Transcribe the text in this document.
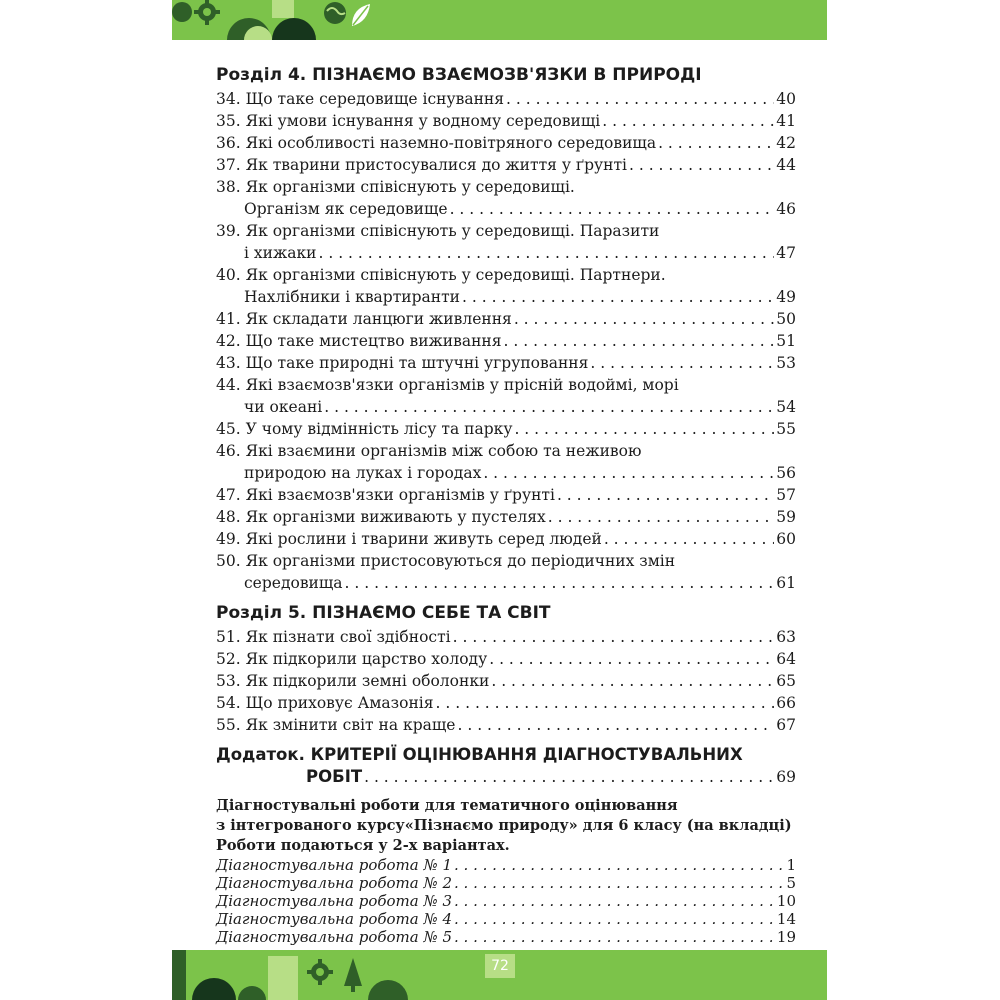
Розділ 4. ПІЗНАЄМО ВЗАЄМОЗВ'ЯЗКИ В ПРИРОДІ
34. Що таке середовище існування . . .	40
35. Які умови існування у водному середовищі . . .	41
36. Які особливості наземно-повітряного середовища . . .	42
37. Як тварини пристосувалися до життя у ґрунті . . .	44
38. Як організми співіснують у середовищі.
Організм як середовище . . .	46
39. Як організми співіснують у середовищі. Паразити
і хижаки . . .	47
40. Як організми співіснують у середовищі. Партнери.
Нахлібники і квартиранти . . .	49
41. Як складати ланцюги живлення . . .	50
42. Що таке мистецтво виживання . . .	51
43. Що таке природні та штучні угруповання . . .	53
44. Які взаємозв'язки організмів у прісній водоймі, морі
чи океані . . .	54
45. У чому відмінність лісу та парку . . .	55
46. Які взаємини організмів між собою та неживою
природою на луках і городах . . .	56
47. Які взаємозв'язки організмів у ґрунті . . .	57
48. Як організми виживають у пустелях . . .	59
49. Які рослини і тварини живуть серед людей . . .	60
50. Як організми пристосовуються до періодичних змін
середовища . . .	61
Розділ 5. ПІЗНАЄМО СЕБЕ ТА СВІТ
51. Як пізнати свої здібності . . .	63
52. Як підкорили царство холоду . . .	64
53. Як підкорили земні оболонки . . .	65
54. Що приховує Амазонія . . .	66
55. Як змінити світ на краще . . .	67
Додаток. КРИТЕРІЇ ОЦІНЮВАННЯ ДІАГНОСТУВАЛЬНИХ
РОБІТ . . .	69
Діагностувальні роботи для тематичного оцінювання
з інтегрованого курсу«Пізнаємо природу» для 6 класу (на вкладці)
Роботи подаються у 2-х варіантах.
Діагностувальна робота № 1 . . .	1
Діагностувальна робота № 2 . . .	5
Діагностувальна робота № 3 . . .	10
Діагностувальна робота № 4 . . .	14
Діагностувальна робота № 5 . . .	19
72
